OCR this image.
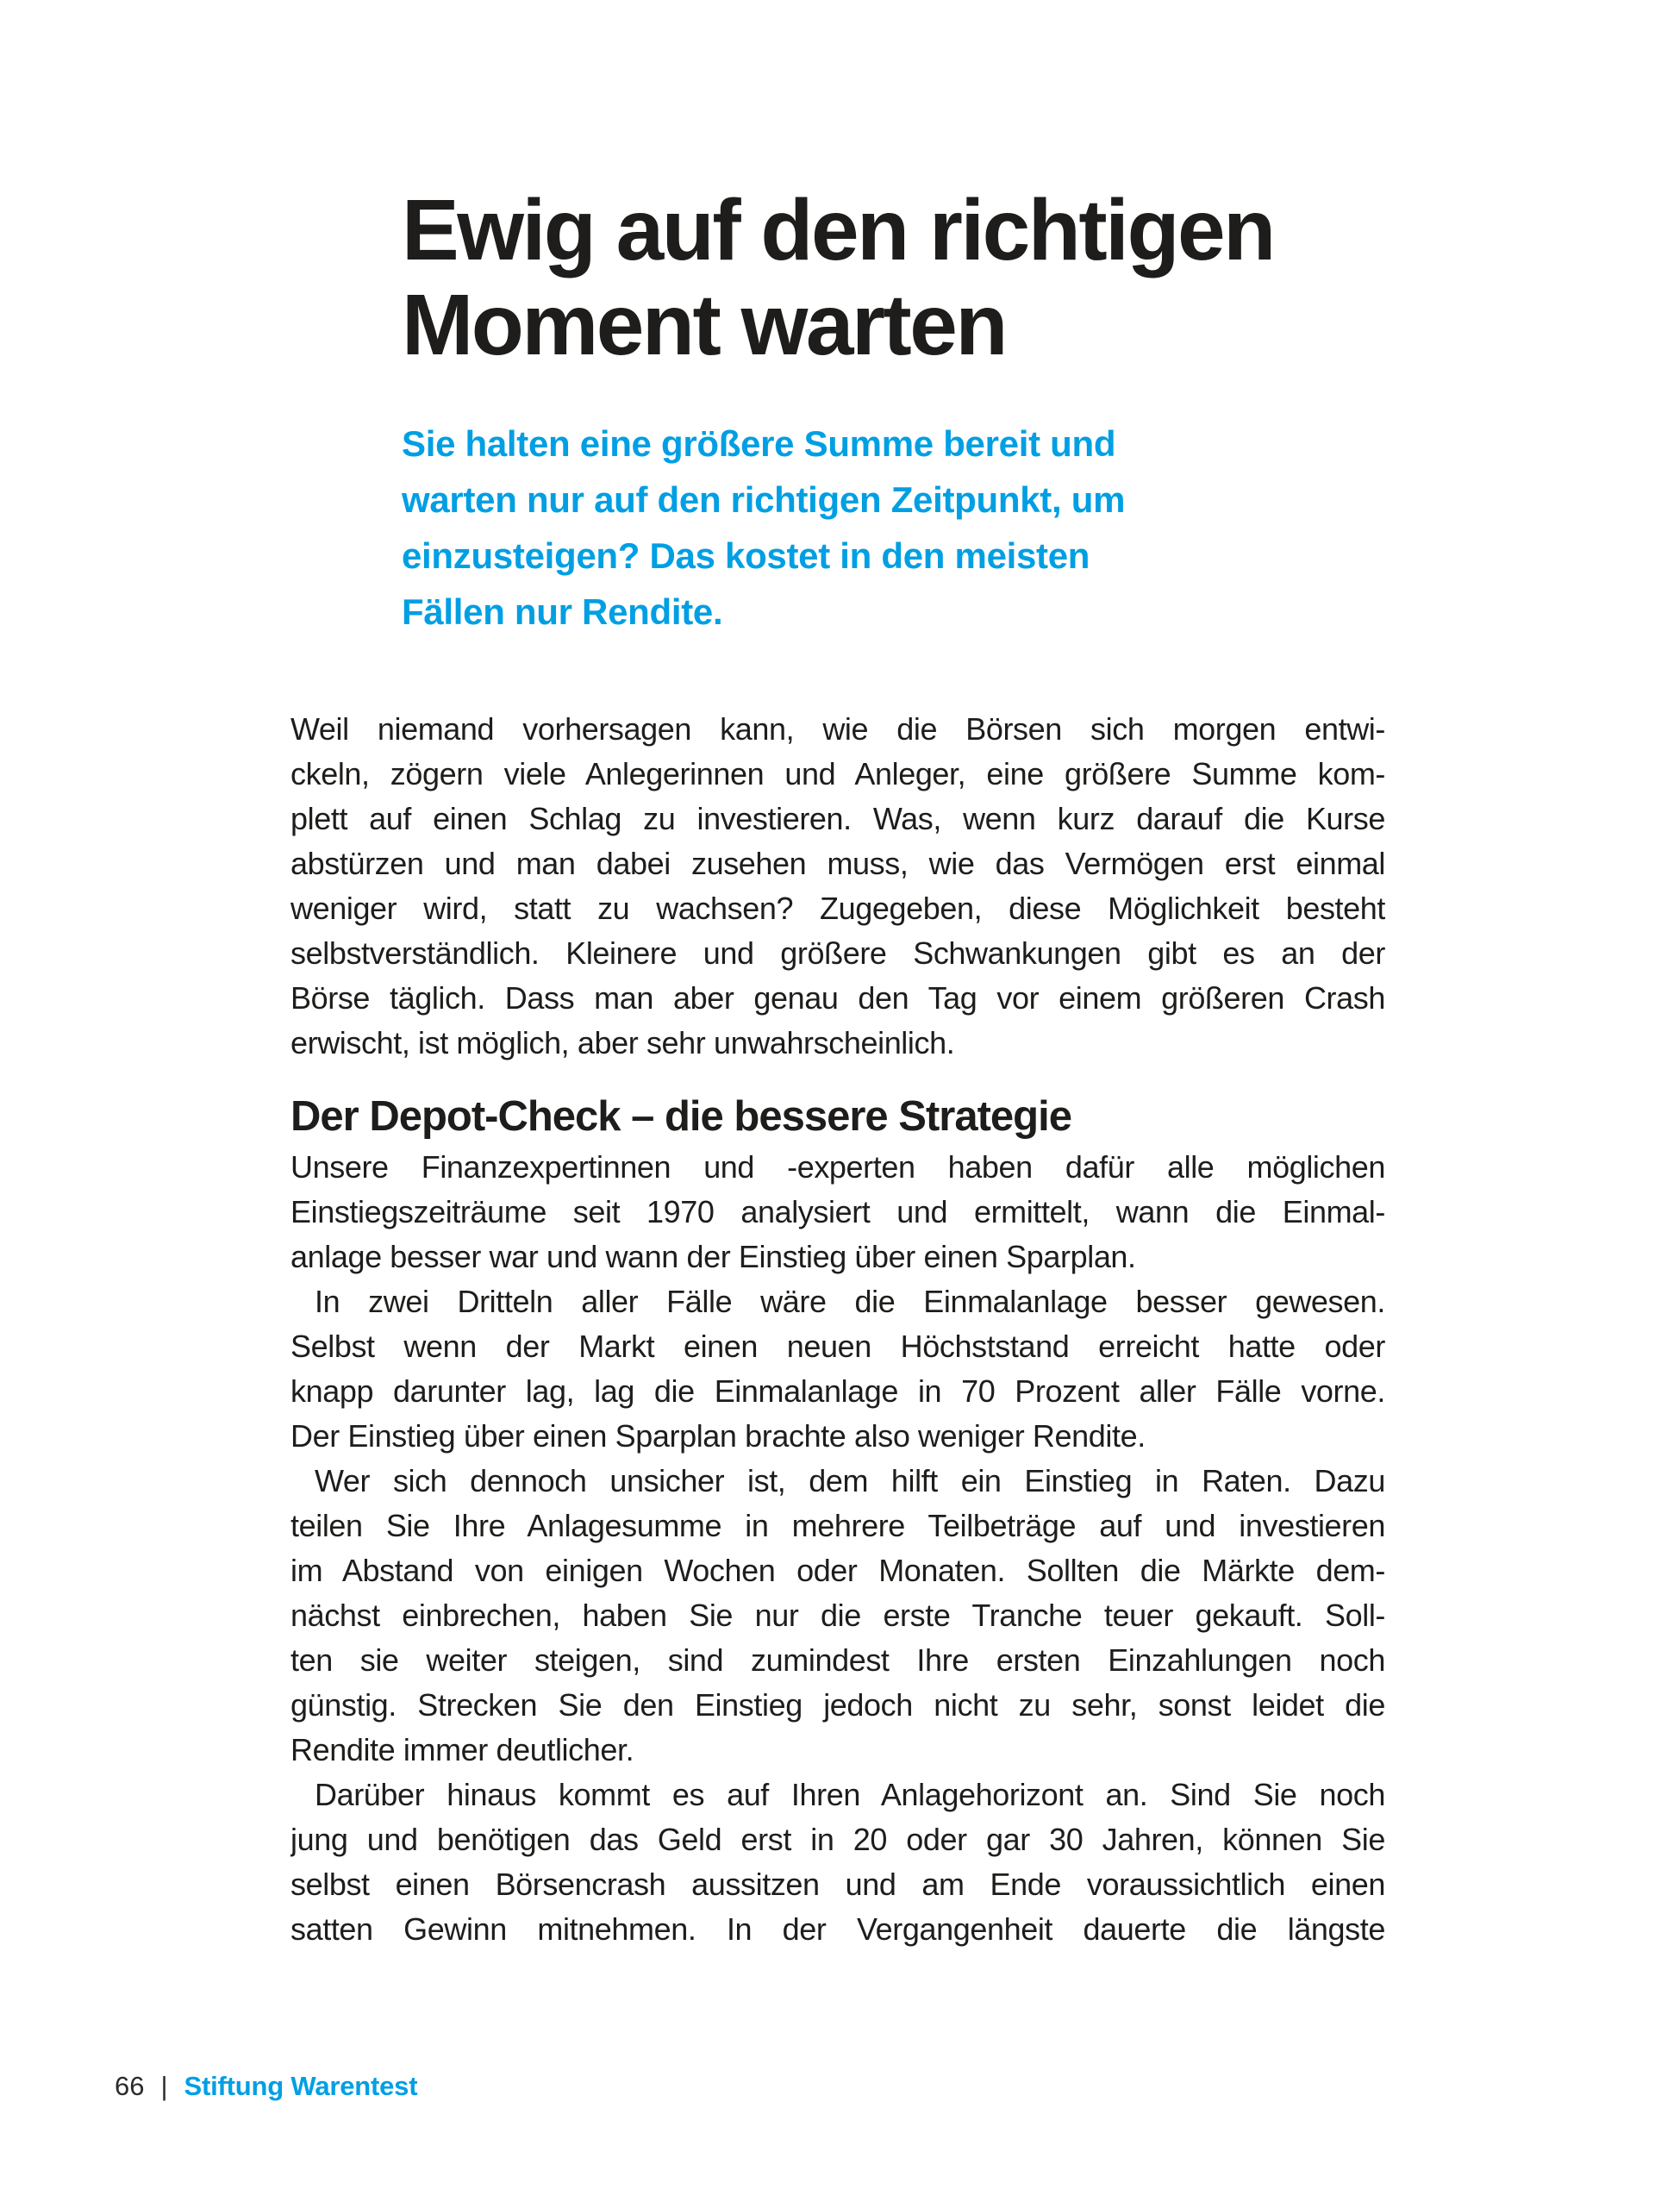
Ewig auf den richtigen
Moment warten
Sie halten eine größere Summe bereit und
warten nur auf den richtigen Zeitpunkt, um
einzusteigen? Das kostet in den meisten
Fällen nur Rendite.
Weil niemand vorhersagen kann, wie die Börsen sich morgen entwi-
ckeln, zögern viele Anlegerinnen und Anleger, eine größere Summe kom-
plett auf einen Schlag zu investieren. Was, wenn kurz darauf die Kurse
abstürzen und man dabei zusehen muss, wie das Vermögen erst einmal
weniger wird, statt zu wachsen? Zugegeben, diese Möglichkeit besteht
selbstverständlich. Kleinere und größere Schwankungen gibt es an der
Börse täglich. Dass man aber genau den Tag vor einem größeren Crash
erwischt, ist möglich, aber sehr unwahrscheinlich.
Der Depot-Check – die bessere Strategie
Unsere Finanzexpertinnen und -experten haben dafür alle möglichen
Einstiegszeiträume seit 1970 analysiert und ermittelt, wann die Einmal-
anlage besser war und wann der Einstieg über einen Sparplan.
In zwei Dritteln aller Fälle wäre die Einmalanlage besser gewesen.
Selbst wenn der Markt einen neuen Höchststand erreicht hatte oder
knapp darunter lag, lag die Einmalanlage in 70 Prozent aller Fälle vorne.
Der Einstieg über einen Sparplan brachte also weniger Rendite.
Wer sich dennoch unsicher ist, dem hilft ein Einstieg in Raten. Dazu
teilen Sie Ihre Anlagesumme in mehrere Teilbeträge auf und investieren
im Abstand von einigen Wochen oder Monaten. Sollten die Märkte dem-
nächst einbrechen, haben Sie nur die erste Tranche teuer gekauft. Soll-
ten sie weiter steigen, sind zumindest Ihre ersten Einzahlungen noch
günstig. Strecken Sie den Einstieg jedoch nicht zu sehr, sonst leidet die
Rendite immer deutlicher.
Darüber hinaus kommt es auf Ihren Anlagehorizont an. Sind Sie noch
jung und benötigen das Geld erst in 20 oder gar 30 Jahren, können Sie
selbst einen Börsencrash aussitzen und am Ende voraussichtlich einen
satten Gewinn mitnehmen. In der Vergangenheit dauerte die längste
66 | Stiftung Warentest
